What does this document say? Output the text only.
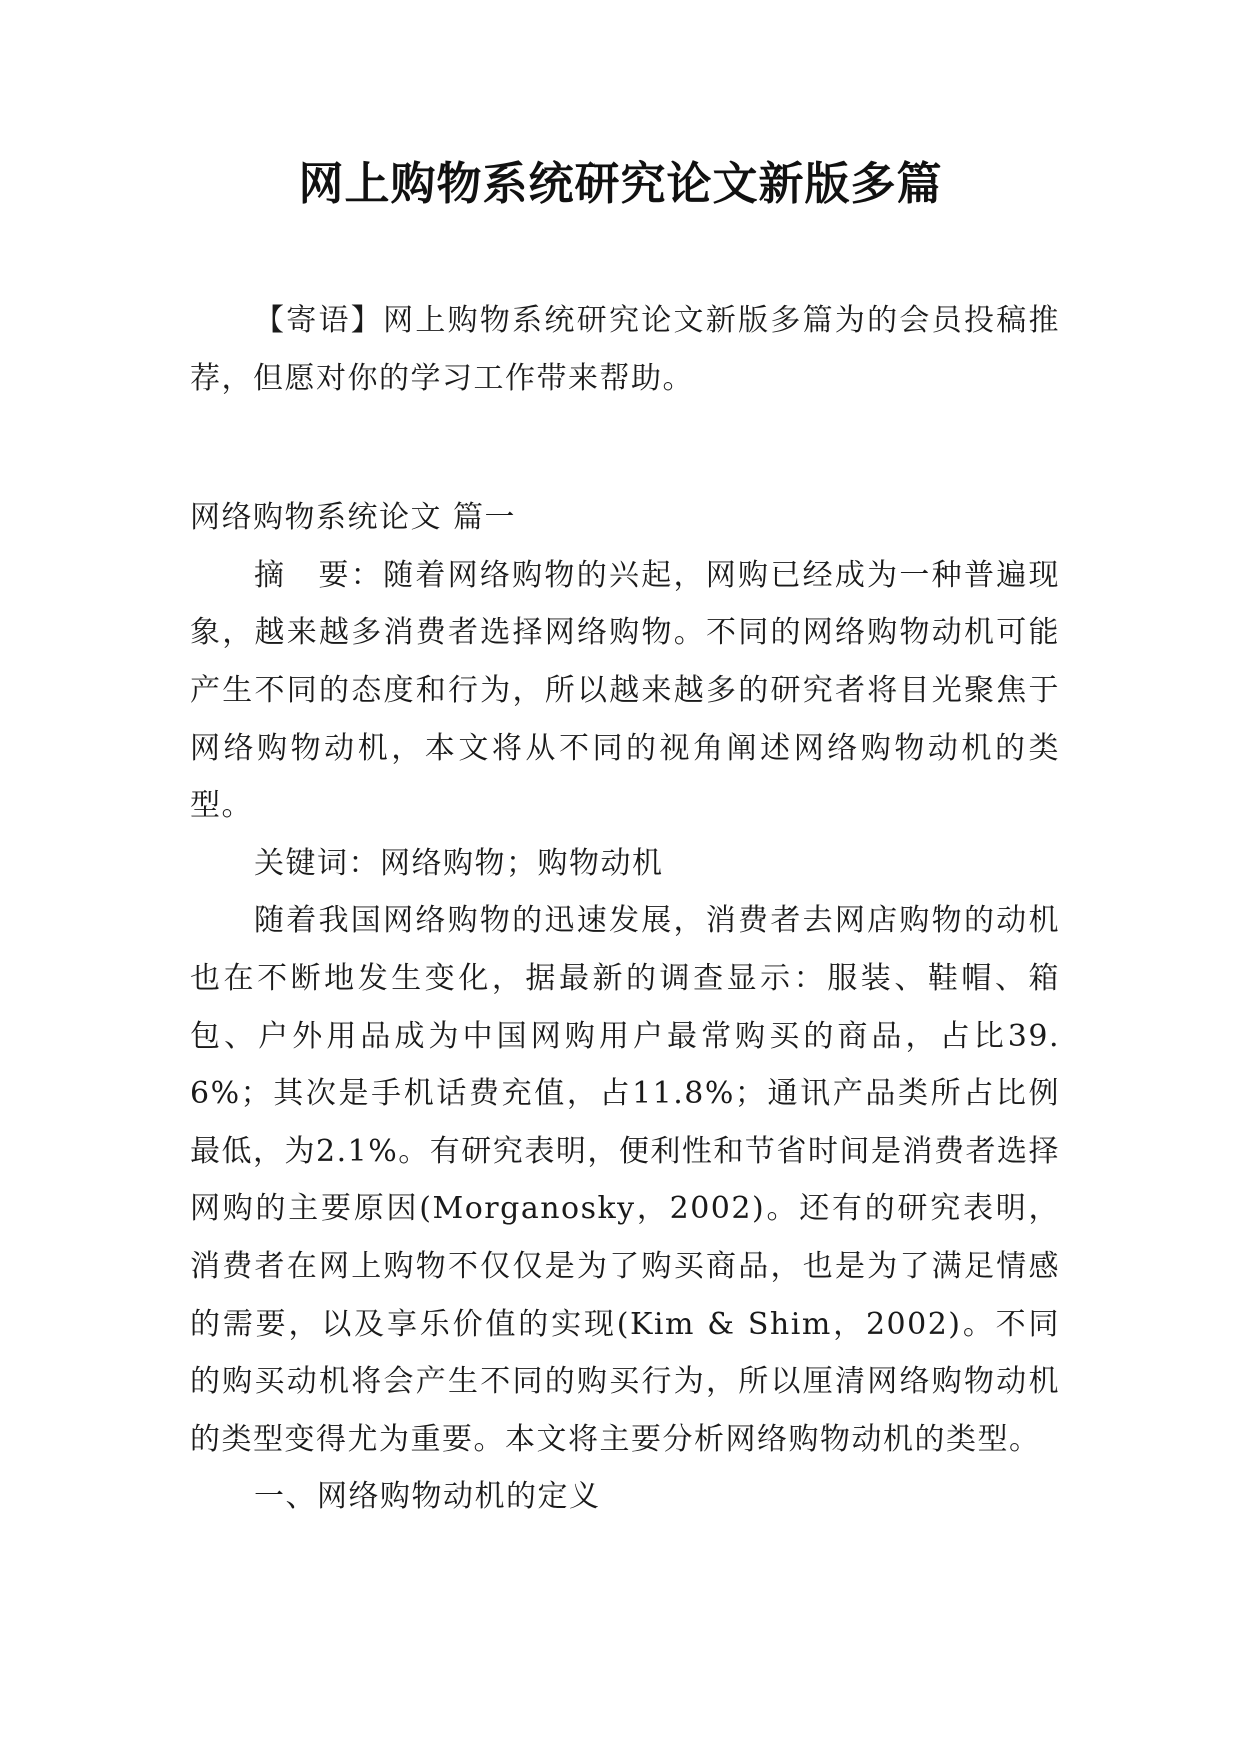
网上购物系统研究论文新版多篇

【寄语】网上购物系统研究论文新版多篇为的会员投稿推荐，但愿对你的学习工作带来帮助。

网络购物系统论文 篇一

摘　要：随着网络购物的兴起，网购已经成为一种普遍现象，越来越多消费者选择网络购物。不同的网络购物动机可能产生不同的态度和行为，所以越来越多的研究者将目光聚焦于网络购物动机，本文将从不同的视角阐述网络购物动机的类型。

关键词：网络购物；购物动机

随着我国网络购物的迅速发展，消费者去网店购物的动机也在不断地发生变化，据最新的调查显示：服装、鞋帽、箱包、户外用品成为中国网购用户最常购买的商品，占比39.6%；其次是手机话费充值，占11.8%；通讯产品类所占比例最低，为2.1%。有研究表明，便利性和节省时间是消费者选择网购的主要原因(Morganosky，2002)。还有的研究表明，消费者在网上购物不仅仅是为了购买商品，也是为了满足情感的需要，以及享乐价值的实现(Kim & Shim，2002)。不同的购买动机将会产生不同的购买行为，所以厘清网络购物动机的类型变得尤为重要。本文将主要分析网络购物动机的类型。

一、网络购物动机的定义
